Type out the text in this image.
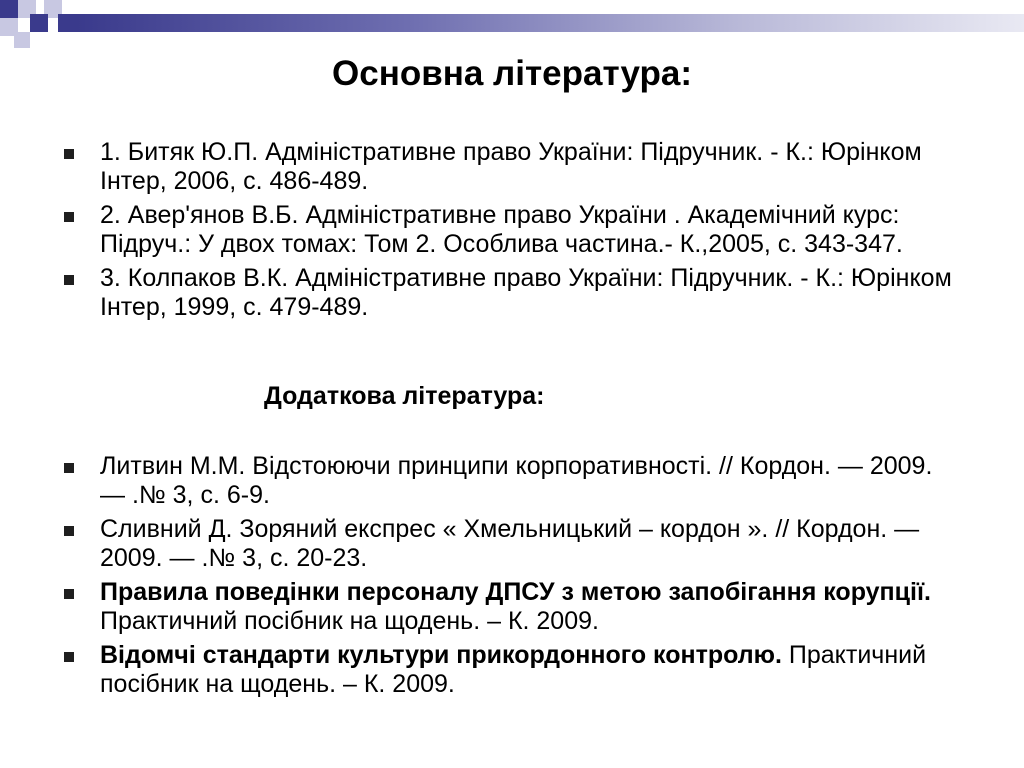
Основна література:
1. Битяк Ю.П. Адміністративне право України: Підручник. - К.: Юрінком Інтер, 2006, с. 486-489.
2. Авер'янов В.Б. Адміністративне право України . Академічний курс: Підруч.: У двох томах: Том 2. Особлива частина.- К.,2005, с. 343-347.
3. Колпаков В.К. Адміністративне право України: Підручник. - К.: Юрінком Інтер, 1999, с. 479-489.
Додаткова література:
Литвин М.М. Відстоюючи принципи корпоративності. // Кордон. — 2009. — .№ 3, с. 6-9.
Сливний Д. Зоряний експрес « Хмельницький – кордон ». // Кордон. — 2009. — .№ 3, с. 20-23.
Правила поведінки персоналу ДПСУ з метою запобігання корупції. Практичний посібник на щодень. – К. 2009.
Відомчі стандарти культури прикордонного контролю. Практичний посібник на щодень. – К. 2009.
